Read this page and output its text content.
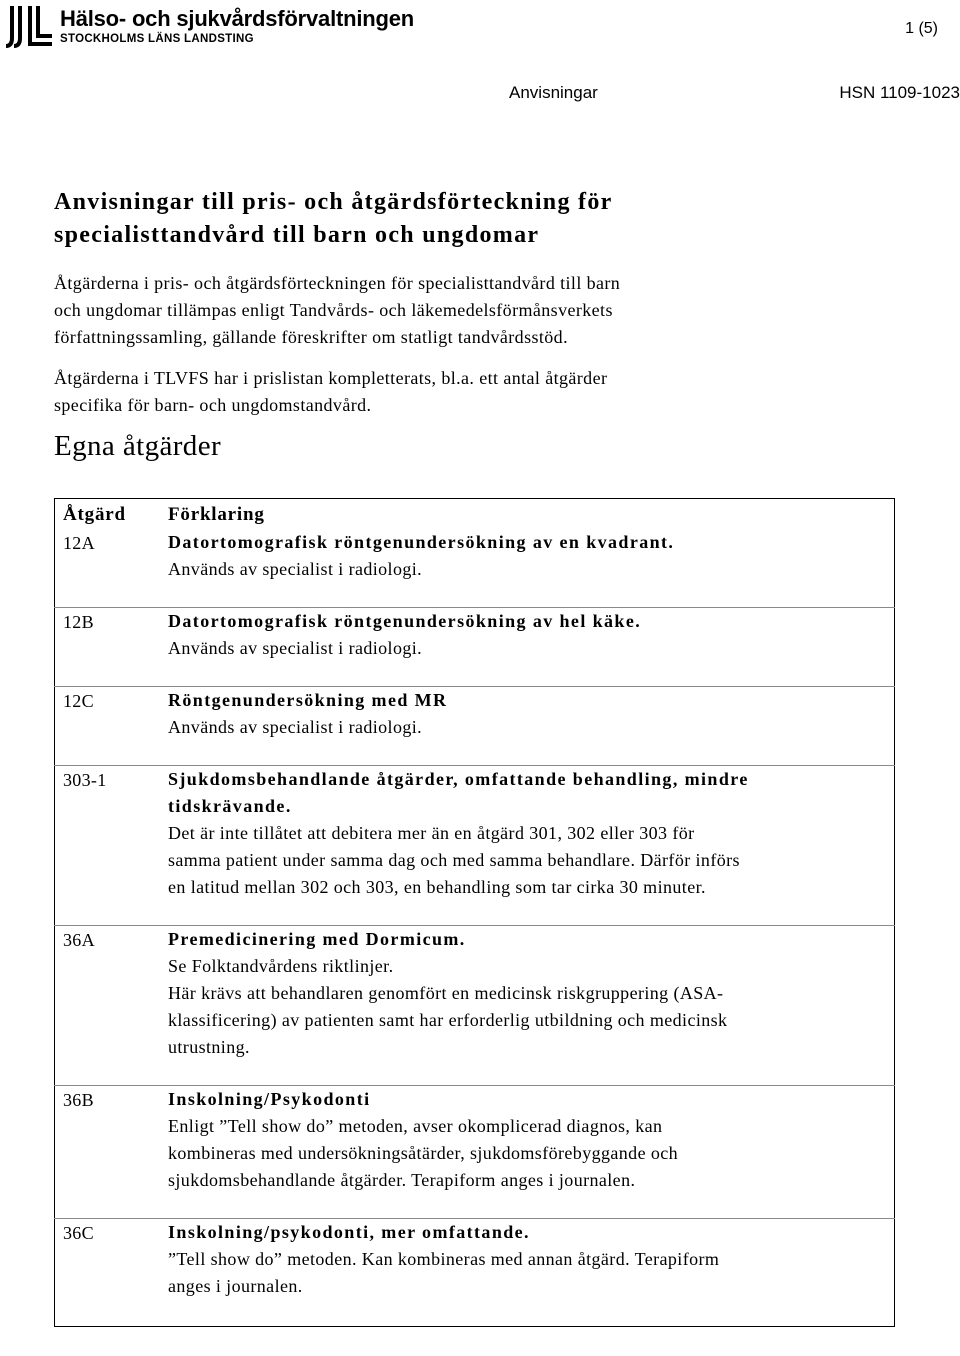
Hälso- och sjukvårdsförvaltningen
STOCKHOLMS LÄNS LANDSTING
1 (5)
Anvisningar	HSN 1109-1023
Anvisningar till pris- och åtgärdsförteckning för
specialisttandvård till barn och ungdomar

Åtgärderna i pris- och åtgärdsförteckningen för specialisttandvård till barn
och ungdomar tillämpas enligt Tandvårds- och läkemedelsförmånsverkets
författningssamling, gällande föreskrifter om statligt tandvårdsstöd.

Åtgärderna i TLVFS har i prislistan kompletterats, bl.a. ett antal åtgärder
specifika för barn- och ungdomstandvård.

Egna åtgärder
Åtgärd	Förklaring
12A	Datortomografisk röntgenundersökning av en kvadrant.
Används av specialist i radiologi.

12B	Datortomografisk röntgenundersökning av hel käke.
Används av specialist i radiologi.

12C	Röntgenundersökning med MR
Används av specialist i radiologi.

303-1	Sjukdomsbehandlande åtgärder, omfattande behandling, mindre
tidskrävande.
Det är inte tillåtet att debitera mer än en åtgärd 301, 302 eller 303 för
samma patient under samma dag och med samma behandlare. Därför införs
en latitud mellan 302 och 303, en behandling som tar cirka 30 minuter.

36A	Premedicinering med Dormicum.
Se Folktandvårdens riktlinjer.
Här krävs att behandlaren genomfört en medicinsk riskgruppering (ASA-
klassificering) av patienten samt har erforderlig utbildning och medicinsk
utrustning.

36B	Inskolning/Psykodonti
Enligt ”Tell show do” metoden, avser okomplicerad diagnos, kan
kombineras med undersökningsåtärder, sjukdomsförebyggande och
sjukdomsbehandlande åtgärder. Terapiform anges i journalen.

36C	Inskolning/psykodonti, mer omfattande.
”Tell show do” metoden. Kan kombineras med annan åtgärd. Terapiform
anges i journalen.
